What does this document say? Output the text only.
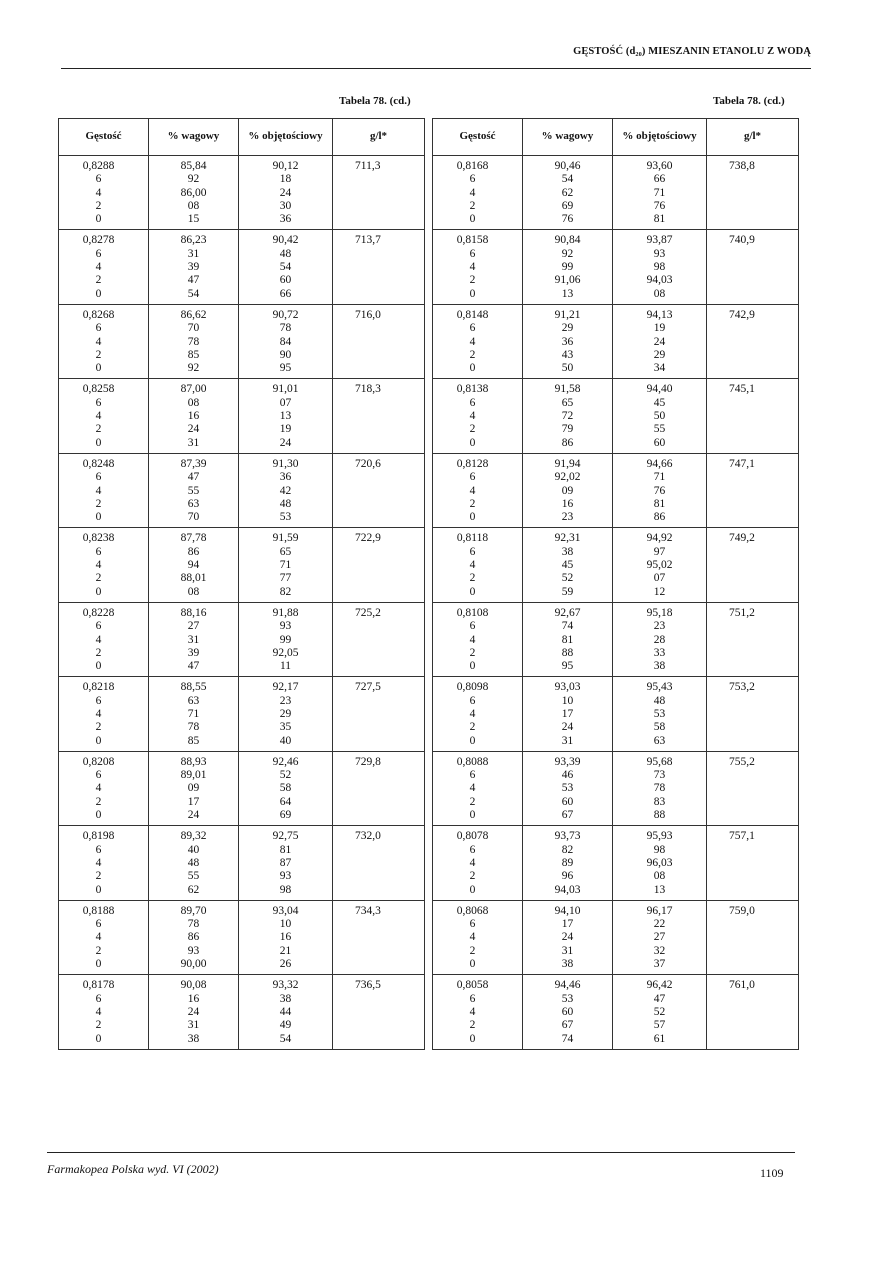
GĘSTOŚĆ (d₂₀) MIESZANIN ETANOLU Z WODĄ
Tabela 78. (cd.)	Tabela 78. (cd.)
Gęstość	% wagowy	% objętościowy	g/l*

0,8288
6
4
2
0	85,84
92
86,00
08
15	90,12
18
24
30
36	711,3

0,8278
6
4
2
0	86,23
31
39
47
54	90,42
48
54
60
66	713,7

0,8268
6
4
2
0	86,62
70
78
85
92	90,72
78
84
90
95	716,0

0,8258
6
4
2
0	87,00
08
16
24
31	91,01
07
13
19
24	718,3

0,8248
6
4
2
0	87,39
47
55
63
70	91,30
36
42
48
53	720,6

0,8238
6
4
2
0	87,78
86
94
88,01
08	91,59
65
71
77
82	722,9

0,8228
6
4
2
0	88,16
27
31
39
47	91,88
93
99
92,05
11	725,2

0,8218
6
4
2
0	88,55
63
71
78
85	92,17
23
29
35
40	727,5

0,8208
6
4
2
0	88,93
89,01
09
17
24	92,46
52
58
64
69	729,8

0,8198
6
4
2
0	89,32
40
48
55
62	92,75
81
87
93
98	732,0

0,8188
6
4
2
0	89,70
78
86
93
90,00	93,04
10
16
21
26	734,3

0,8178
6
4
2
0	90,08
16
24
31
38	93,32
38
44
49
54	736,5
Gęstość	% wagowy	% objętościowy	g/l*

0,8168
6
4
2
0	90,46
54
62
69
76	93,60
66
71
76
81	738,8

0,8158
6
4
2
0	90,84
92
99
91,06
13	93,87
93
98
94,03
08	740,9

0,8148
6
4
2
0	91,21
29
36
43
50	94,13
19
24
29
34	742,9

0,8138
6
4
2
0	91,58
65
72
79
86	94,40
45
50
55
60	745,1

0,8128
6
4
2
0	91,94
92,02
09
16
23	94,66
71
76
81
86	747,1

0,8118
6
4
2
0	92,31
38
45
52
59	94,92
97
95,02
07
12	749,2

0,8108
6
4
2
0	92,67
74
81
88
95	95,18
23
28
33
38	751,2

0,8098
6
4
2
0	93,03
10
17
24
31	95,43
48
53
58
63	753,2

0,8088
6
4
2
0	93,39
46
53
60
67	95,68
73
78
83
88	755,2

0,8078
6
4
2
0	93,73
82
89
96
94,03	95,93
98
96,03
08
13	757,1

0,8068
6
4
2
0	94,10
17
24
31
38	96,17
22
27
32
37	759,0

0,8058
6
4
2
0	94,46
53
60
67
74	96,42
47
52
57
61	761,0
Farmakopea Polska wyd. VI (2002)	1109
